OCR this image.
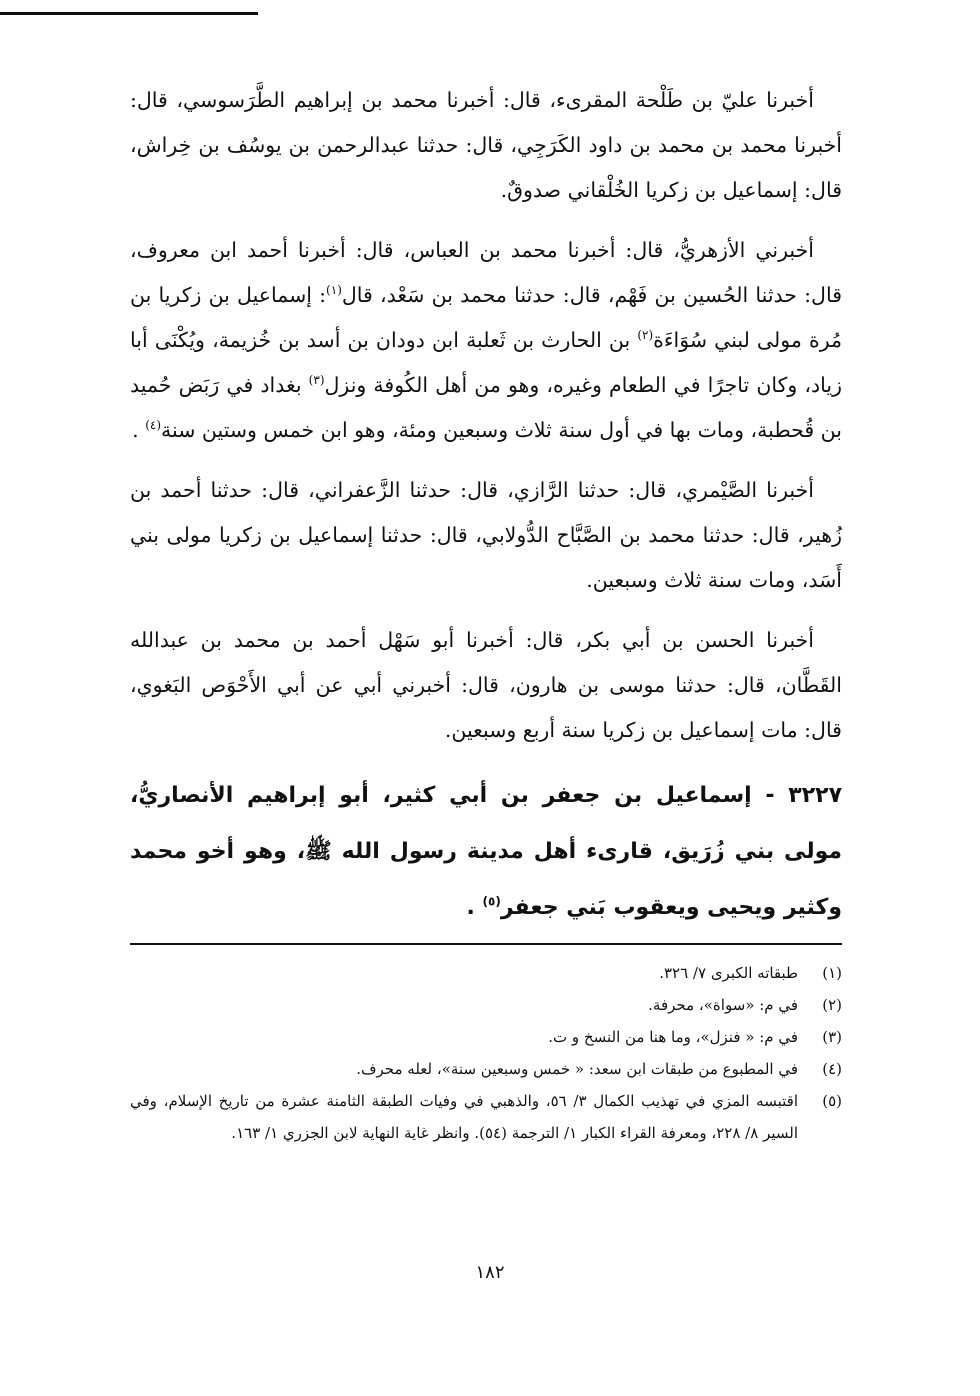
أخبرنا عليّ بن طَلْحة المقرىء، قال: أخبرنا محمد بن إبراهيم الطَّرَسوسي، قال: أخبرنا محمد بن محمد بن داود الكَرَجِي، قال: حدثنا عبدالرحمن بن يوسُف بن خِراش، قال: إسماعيل بن زكريا الخُلْقاني صدوقٌ.

أخبرني الأزهريُّ، قال: أخبرنا محمد بن العباس، قال: أخبرنا أحمد ابن معروف، قال: حدثنا الحُسين بن فَهْم، قال: حدثنا محمد بن سَعْد، قال$^{(١)}$: إسماعيل بن زكريا بن مُرة مولى لبني سُوَاءَة$^{(٢)}$ بن الحارث بن ثَعلبة ابن دودان بن أسد بن خُزيمة، ويُكْنَى أبا زياد، وكان تاجرًا في الطعام وغيره، وهو من أهل الكُوفة ونزل$^{(٣)}$ بغداد في رَبَض حُميد بن قُحطبة، ومات بها في أول سنة ثلاث وسبعين ومئة، وهو ابن خمس وستين سنة$^{(٤)}$ .

أخبرنا الصَّيْمري، قال: حدثنا الرَّازي، قال: حدثنا الزَّعفراني، قال: حدثنا أحمد بن زُهير، قال: حدثنا محمد بن الصَّبَّاح الدُّولابي، قال: حدثنا إسماعيل بن زكريا مولى بني أَسَد، ومات سنة ثلاث وسبعين.

أخبرنا الحسن بن أبي بكر، قال: أخبرنا أبو سَهْل أحمد بن محمد بن عبدالله القَطَّان، قال: حدثنا موسى بن هارون، قال: أخبرني أبي عن أبي الأَحْوَص البَغوي، قال: مات إسماعيل بن زكريا سنة أربع وسبعين.

٣٢٢٧ - إسماعيل بن جعفر بن أبي كثير، أبو إبراهيم الأنصاريُّ، مولى بني زُرَيق، قارىء أهل مدينة رسول الله ﷺ، وهو أخو محمد وكثير ويحيى ويعقوب بَني جعفر$^{(٥)}$ .

(١)
طبقاته الكبرى ٧/ ٣٢٦.
(٢)
في م: «سواة»، محرفة.
(٣)
في م: « فنزل»، وما هنا من النسخ و ت.
(٤)
في المطبوع من طبقات ابن سعد: « خمس وسبعين سنة»، لعله محرف.
(٥)
اقتبسه المزي في تهذيب الكمال ٣/ ٥٦، والذهبي في وفيات الطبقة الثامنة عشرة من تاريخ الإسلام، وفي السير ٨/ ٢٢٨، ومعرفة القراء الكبار ١/ الترجمة (٥٤). وانظر غاية النهاية لابن الجزري ١/ ١٦٣.
١٨٢
